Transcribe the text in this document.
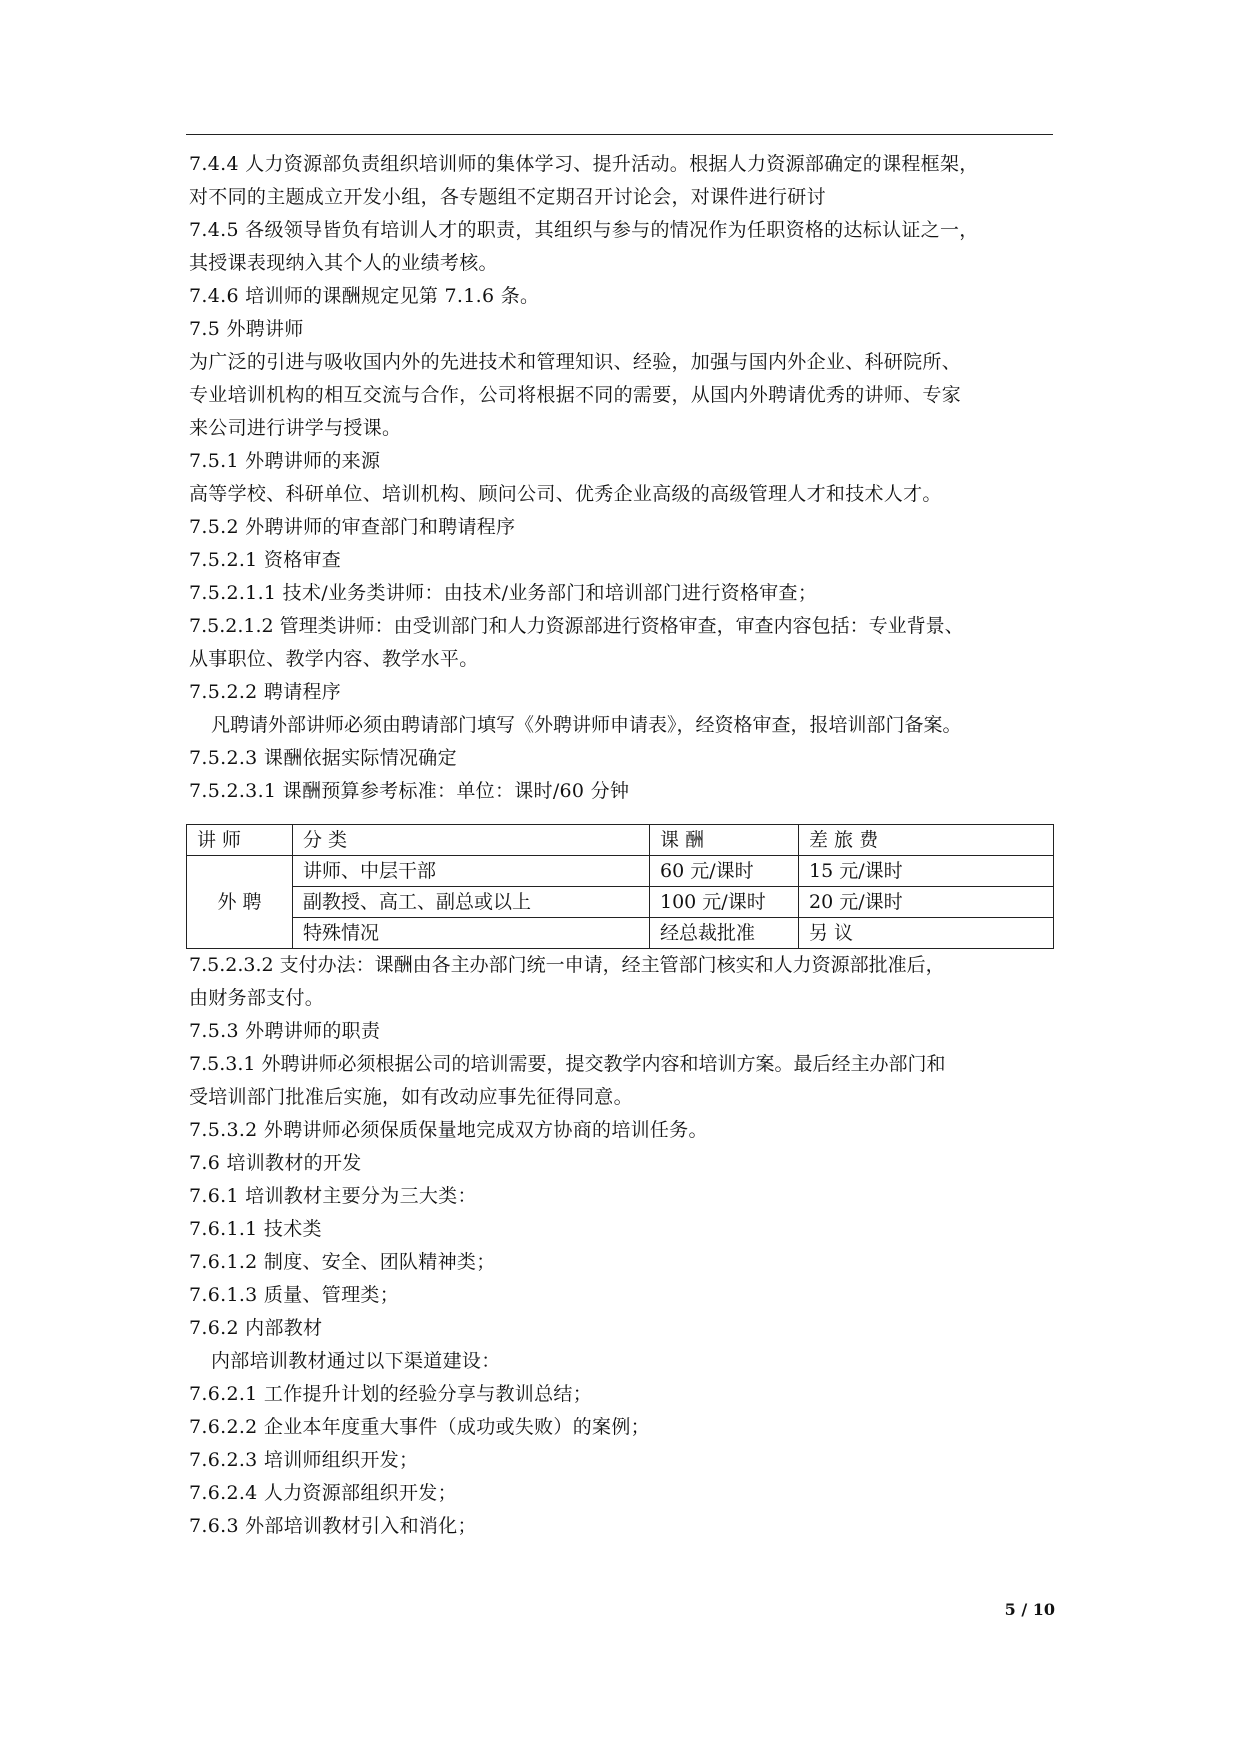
7.4.4 人力资源部负责组织培训师的集体学习、提升活动。根据人力资源部确定的课程框架，
对不同的主题成立开发小组，各专题组不定期召开讨论会，对课件进行研讨
7.4.5 各级领导皆负有培训人才的职责，其组织与参与的情况作为任职资格的达标认证之一，
其授课表现纳入其个人的业绩考核。
7.4.6 培训师的课酬规定见第 7.1.6 条。
7.5 外聘讲师
为广泛的引进与吸收国内外的先进技术和管理知识、经验，加强与国内外企业、科研院所、
专业培训机构的相互交流与合作，公司将根据不同的需要，从国内外聘请优秀的讲师、专家
来公司进行讲学与授课。
7.5.1 外聘讲师的来源
高等学校、科研单位、培训机构、顾问公司、优秀企业高级的高级管理人才和技术人才。
7.5.2 外聘讲师的审查部门和聘请程序
7.5.2.1 资格审查
7.5.2.1.1 技术/业务类讲师：由技术/业务部门和培训部门进行资格审查；
7.5.2.1.2 管理类讲师：由受训部门和人力资源部进行资格审查，审查内容包括：专业背景、
从事职位、教学内容、教学水平。
7.5.2.2 聘请程序
凡聘请外部讲师必须由聘请部门填写《外聘讲师申请表》，经资格审查，报培训部门备案。
7.5.2.3 课酬依据实际情况确定
7.5.2.3.1 课酬预算参考标准：单位：课时/60 分钟
讲 师	分 类	课 酬	差 旅 费
外 聘	讲师、中层干部	60 元/课时	15 元/课时
	副教授、高工、副总或以上	100 元/课时	20 元/课时
	特殊情况	经总裁批准	另 议
7.5.2.3.2 支付办法：课酬由各主办部门统一申请，经主管部门核实和人力资源部批准后，
由财务部支付。
7.5.3 外聘讲师的职责
7.5.3.1 外聘讲师必须根据公司的培训需要，提交教学内容和培训方案。最后经主办部门和
受培训部门批准后实施，如有改动应事先征得同意。
7.5.3.2 外聘讲师必须保质保量地完成双方协商的培训任务。
7.6 培训教材的开发
7.6.1 培训教材主要分为三大类：
7.6.1.1 技术类
7.6.1.2 制度、安全、团队精神类；
7.6.1.3 质量、管理类；
7.6.2 内部教材
内部培训教材通过以下渠道建设：
7.6.2.1 工作提升计划的经验分享与教训总结；
7.6.2.2 企业本年度重大事件（成功或失败）的案例；
7.6.2.3 培训师组织开发；
7.6.2.4 人力资源部组织开发；
7.6.3 外部培训教材引入和消化；
5 / 10
